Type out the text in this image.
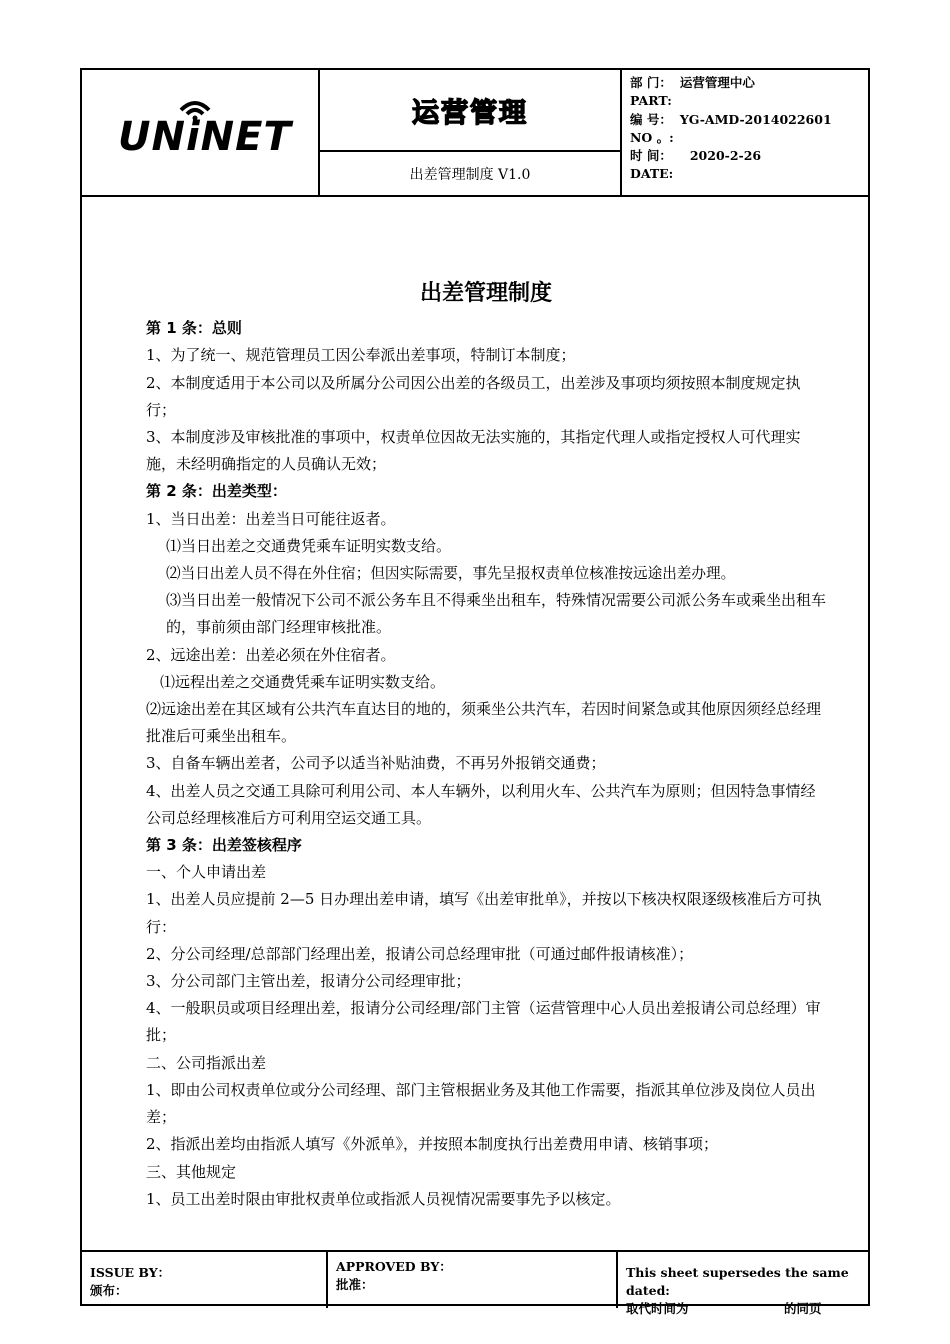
UNiNET
运营管理
出差管理制度 V1.0
部 门： 运营管理中心
PART:
编 号： YG-AMD-2014022601
NO 。:
时 间： 2020-2-26
DATE:
出差管理制度

第 1 条：总则

1、为了统一、规范管理员工因公奉派出差事项，特制订本制度；

2、本制度适用于本公司以及所属分公司因公出差的各级员工，出差涉及事项均须按照本制度规定执行；

3、本制度涉及审核批准的事项中，权责单位因故无法实施的，其指定代理人或指定授权人可代理实施，未经明确指定的人员确认无效；

第 2 条：出差类型：

1、当日出差：出差当日可能往返者。

⑴当日出差之交通费凭乘车证明实数支给。

⑵当日出差人员不得在外住宿；但因实际需要，事先呈报权责单位核准按远途出差办理。

⑶当日出差一般情况下公司不派公务车且不得乘坐出租车，特殊情况需要公司派公务车或乘坐出租车的，事前须由部门经理审核批准。

2、远途出差：出差必须在外住宿者。

⑴远程出差之交通费凭乘车证明实数支给。

⑵远途出差在其区域有公共汽车直达目的地的，须乘坐公共汽车，若因时间紧急或其他原因须经总经理批准后可乘坐出租车。

3、自备车辆出差者，公司予以适当补贴油费，不再另外报销交通费；

4、出差人员之交通工具除可利用公司、本人车辆外，以利用火车、公共汽车为原则；但因特急事情经公司总经理核准后方可利用空运交通工具。

第 3 条：出差签核程序

一、个人申请出差

1、出差人员应提前 2—5 日办理出差申请，填写《出差审批单》，并按以下核决权限逐级核准后方可执行：

2、分公司经理/总部部门经理出差，报请公司总经理审批（可通过邮件报请核准）；

3、分公司部门主管出差，报请分公司经理审批；

4、一般职员或项目经理出差，报请分公司经理/部门主管（运营管理中心人员出差报请公司总经理）审批；

二、公司指派出差

1、即由公司权责单位或分公司经理、部门主管根据业务及其他工作需要，指派其单位涉及岗位人员出差；

2、指派出差均由指派人填写《外派单》，并按照本制度执行出差费用申请、核销事项；

三、其他规定

1、员工出差时限由审批权责单位或指派人员视情况需要事先予以核定。

ISSUE BY：
颁布：
APPROVED BY：
批准：
This sheet supersedes the same dated:
取代时间为	的同页
